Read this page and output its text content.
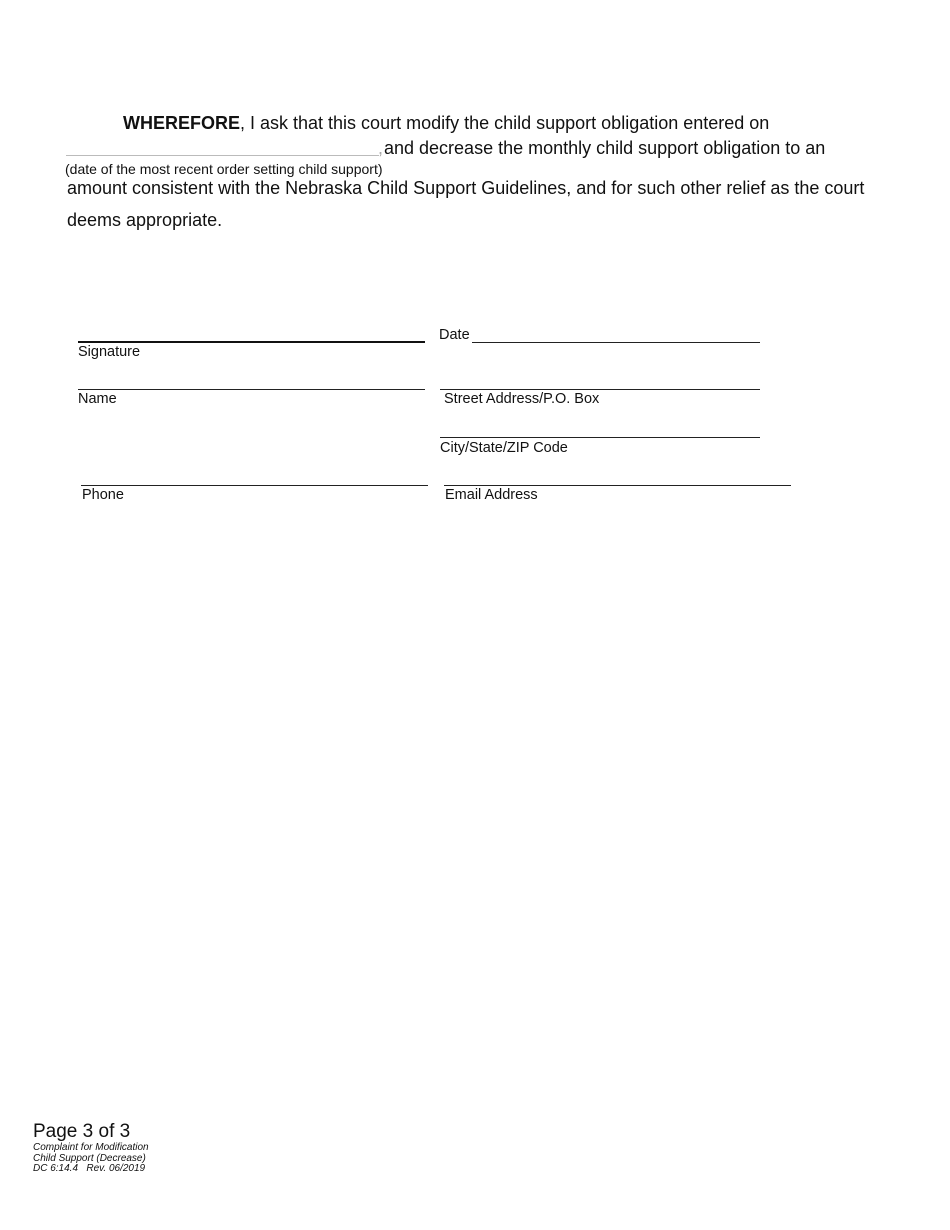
WHEREFORE, I ask that this court modify the child support obligation entered on
, and decrease the monthly child support obligation to an
(date of the most recent order setting child support)
amount consistent with the Nebraska Child Support Guidelines, and for such other relief as the court
deems appropriate.
Signature
Date
Name	Street Address/P.O. Box
City/State/ZIP Code
Phone	Email Address
Page 3 of 3
Complaint for Modification
Child Support (Decrease)
DC 6:14.4   Rev. 06/2019
